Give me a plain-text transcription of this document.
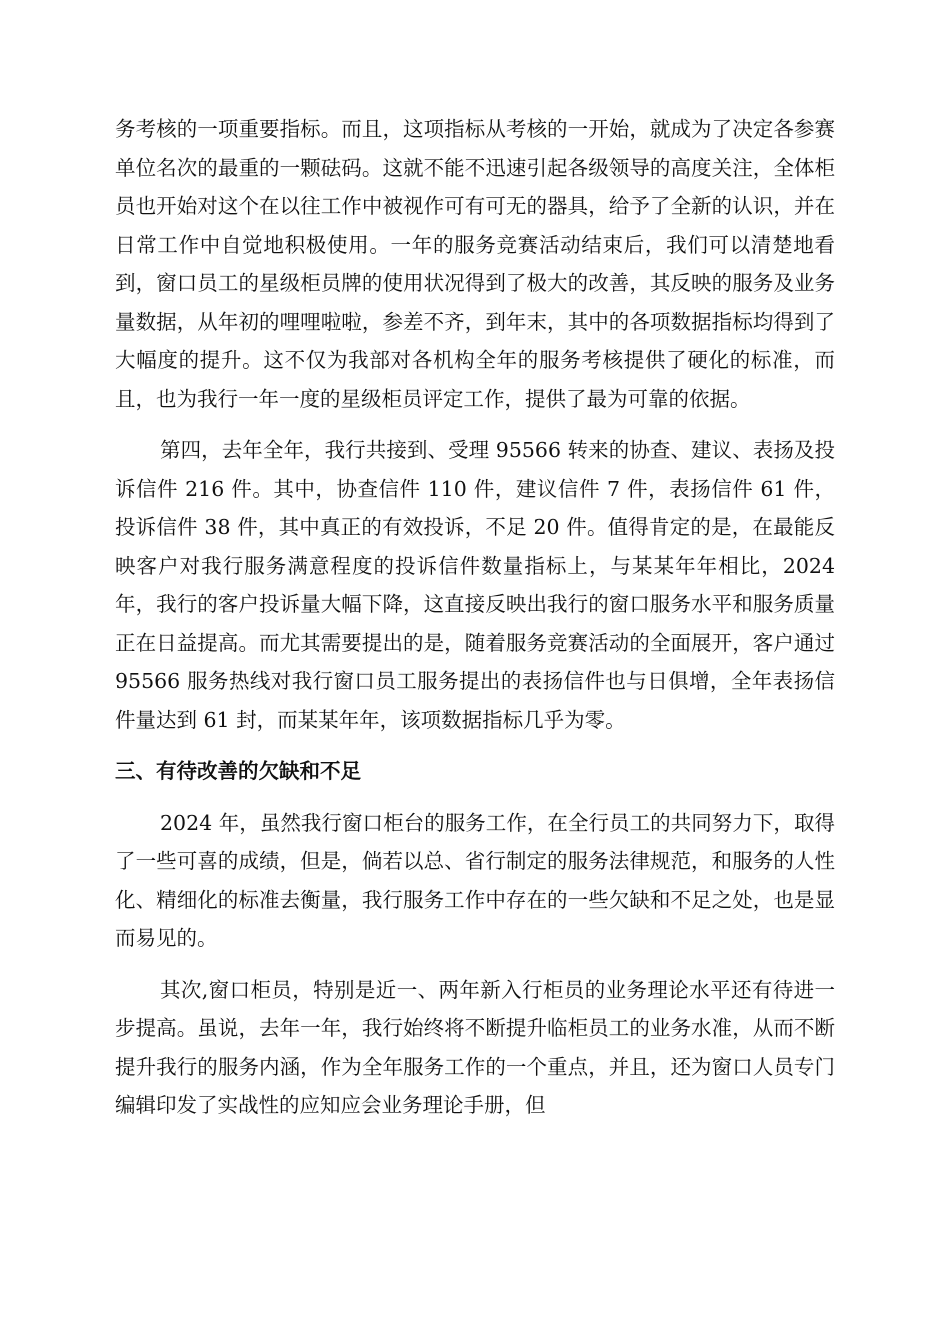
务考核的一项重要指标。而且，这项指标从考核的一开始，就成为了决定各参赛单位名次的最重的一颗砝码。这就不能不迅速引起各级领导的高度关注，全体柜员也开始对这个在以往工作中被视作可有可无的器具，给予了全新的认识，并在日常工作中自觉地积极使用。一年的服务竞赛活动结束后，我们可以清楚地看到，窗口员工的星级柜员牌的使用状况得到了极大的改善，其反映的服务及业务量数据，从年初的哩哩啦啦，参差不齐，到年末，其中的各项数据指标均得到了大幅度的提升。这不仅为我部对各机构全年的服务考核提供了硬化的标准，而且，也为我行一年一度的星级柜员评定工作，提供了最为可靠的依据。

第四，去年全年，我行共接到、受理 95566 转来的协查、建议、表扬及投诉信件 216 件。其中，协查信件 110 件，建议信件 7 件，表扬信件 61 件，投诉信件 38 件，其中真正的有效投诉，不足 20 件。值得肯定的是，在最能反映客户对我行服务满意程度的投诉信件数量指标上，与某某年年相比，2024 年，我行的客户投诉量大幅下降，这直接反映出我行的窗口服务水平和服务质量正在日益提高。而尤其需要提出的是，随着服务竞赛活动的全面展开，客户通过 95566 服务热线对我行窗口员工服务提出的表扬信件也与日俱增，全年表扬信件量达到 61 封，而某某年年，该项数据指标几乎为零。

三、有待改善的欠缺和不足

2024 年，虽然我行窗口柜台的服务工作，在全行员工的共同努力下，取得了一些可喜的成绩，但是，倘若以总、省行制定的服务法律规范，和服务的人性化、精细化的标准去衡量，我行服务工作中存在的一些欠缺和不足之处，也是显而易见的。

其次,窗口柜员，特别是近一、两年新入行柜员的业务理论水平还有待进一步提高。虽说，去年一年，我行始终将不断提升临柜员工的业务水准，从而不断提升我行的服务内涵，作为全年服务工作的一个重点，并且，还为窗口人员专门编辑印发了实战性的应知应会业务理论手册，但
